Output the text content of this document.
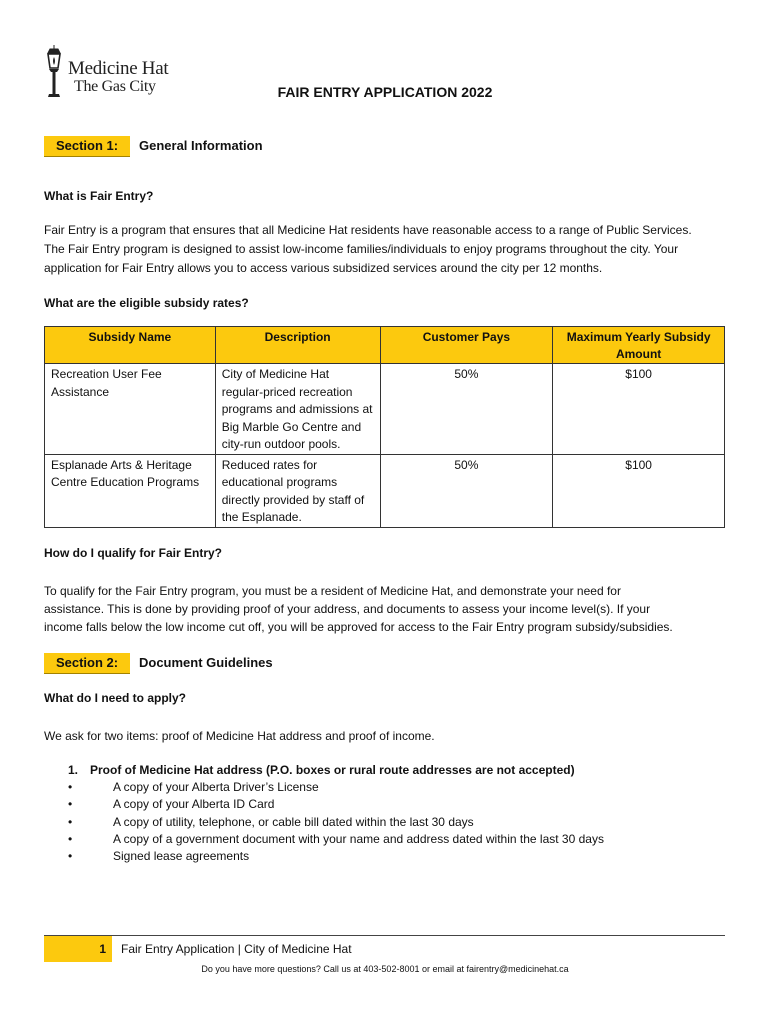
Medicine Hat
The Gas City	FAIR ENTRY APPLICATION 2022
Section 1:	General Information
What is Fair Entry?
Fair Entry is a program that ensures that all Medicine Hat residents have reasonable access to a range of Public Services.
The Fair Entry program is designed to assist low-income families/individuals to enjoy programs throughout the city. Your
application for Fair Entry allows you to access various subsidized services around the city per 12 months.
What are the eligible subsidy rates?
Subsidy Name	Description	Customer Pays	Maximum Yearly Subsidy Amount
Recreation User Fee Assistance	City of Medicine Hat regular-priced recreation programs and admissions at Big Marble Go Centre and city-run outdoor pools.	50%	$100
Esplanade Arts & Heritage Centre Education Programs	Reduced rates for educational programs directly provided by staff of the Esplanade.	50%	$100
How do I qualify for Fair Entry?
To qualify for the Fair Entry program, you must be a resident of Medicine Hat, and demonstrate your need for
assistance. This is done by providing proof of your address, and documents to assess your income level(s). If your
income falls below the low income cut off, you will be approved for access to the Fair Entry program subsidy/subsidies.
Section 2:	Document Guidelines
What do I need to apply?
We ask for two items: proof of Medicine Hat address and proof of income.
1. Proof of Medicine Hat address (P.O. boxes or rural route addresses are not accepted)
•	A copy of your Alberta Driver’s License
•	A copy of your Alberta ID Card
•	A copy of utility, telephone, or cable bill dated within the last 30 days
•	A copy of a government document with your name and address dated within the last 30 days
•	Signed lease agreements
1	Fair Entry Application | City of Medicine Hat
Do you have more questions? Call us at 403-502-8001 or email at fairentry@medicinehat.ca
